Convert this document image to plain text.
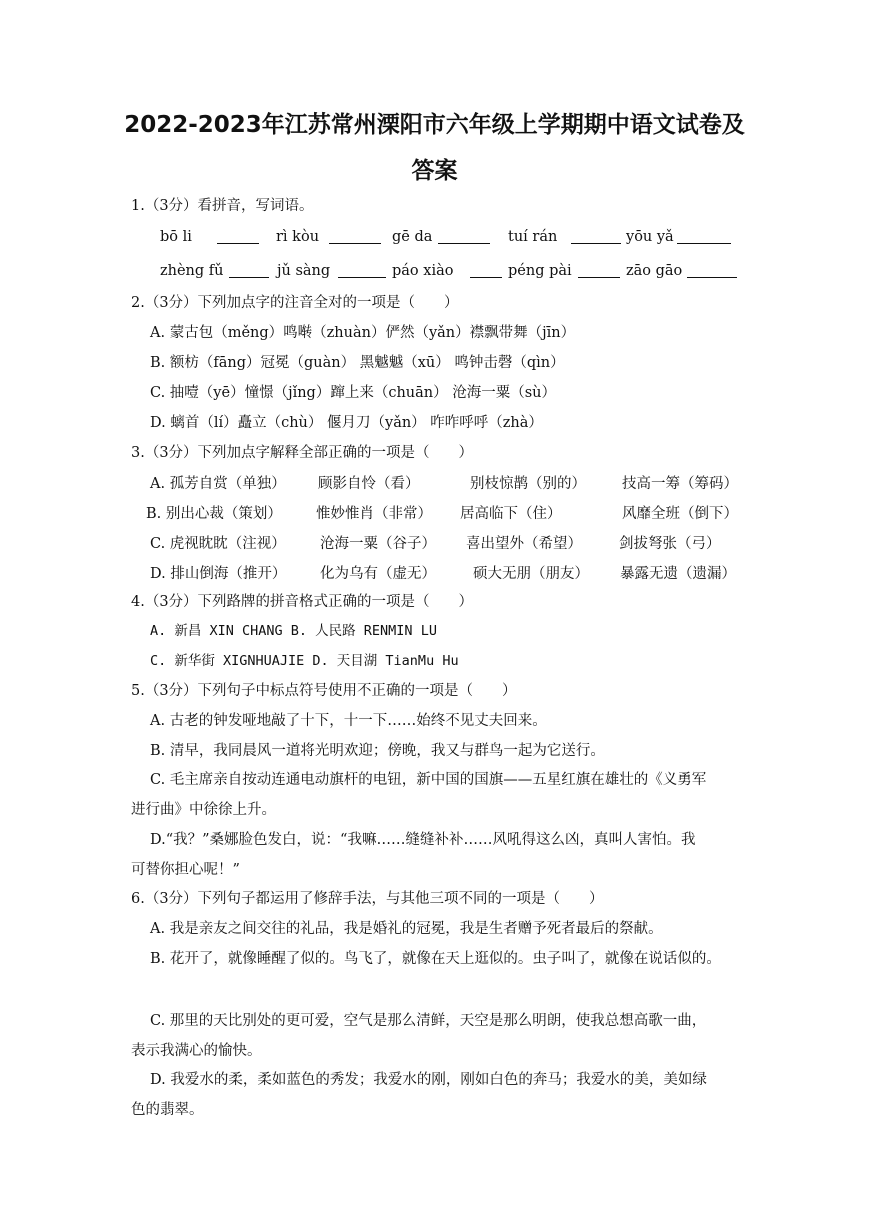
2022-2023年江苏常州溧阳市六年级上学期期中语文试卷及
答案
1.（3分）看拼音，写词语。
bō li	rì kòu	gē da	tuí rán	yōu yǎ
zhèng fǔ	jǔ sàng	páo xiào	péng pài	zāo gāo
2.（3分）下列加点字的注音全对的一项是（　　）
A. 蒙古包（měng）鸣啭（zhuàn）俨然（yǎn）襟飘带舞（jīn）
B. 额枋（fāng）冠冕（guàn） 黑魆魆（xū） 鸣钟击磬（qìn）
C. 抽噎（yē）憧憬（jǐng）蹿上来（chuān） 沧海一粟（sù）
D. 螭首（lí）矗立（chù） 偃月刀（yǎn） 咋咋呼呼（zhà）
3.（3分）下列加点字解释全部正确的一项是（　　）
A. 孤芳自赏（单独） 顾影自怜（看）	别枝惊鹊（别的） 技高一筹（筹码）
B. 别出心裁（策划） 惟妙惟肖（非常） 居高临下（住）	风靡全班（倒下）
C. 虎视眈眈（注视） 沧海一粟（谷子） 喜出望外（希望）	剑拔弩张（弓）
D. 排山倒海（推开） 化为乌有（虚无）	硕大无朋（朋友） 暴露无遗（遗漏）
4.（3分）下列路牌的拼音格式正确的一项是（　　）
A. 新昌 XIN CHANG B. 人民路 RENMIN LU
C. 新华街 XIGNHUAJIE D. 天目湖 TianMu Hu
5.（3分）下列句子中标点符号使用不正确的一项是（　　）
A. 古老的钟发哑地敲了十下，十一下……始终不见丈夫回来。
B. 清早，我同晨风一道将光明欢迎；傍晚，我又与群鸟一起为它送行。
C. 毛主席亲自按动连通电动旗杆的电钮，新中国的国旗——五星红旗在雄壮的《义勇军
进行曲》中徐徐上升。
D.“我？”桑娜脸色发白，说：“我嘛……缝缝补补……风吼得这么凶，真叫人害怕。我
可替你担心呢！”
6.（3分）下列句子都运用了修辞手法，与其他三项不同的一项是（　　）
A. 我是亲友之间交往的礼品，我是婚礼的冠冕，我是生者赠予死者最后的祭献。
B. 花开了，就像睡醒了似的。鸟飞了，就像在天上逛似的。虫子叫了，就像在说话似的。
C. 那里的天比别处的更可爱，空气是那么清鲜，天空是那么明朗，使我总想高歌一曲，
表示我满心的愉快。
D. 我爱水的柔，柔如蓝色的秀发；我爱水的刚，刚如白色的奔马；我爱水的美，美如绿
色的翡翠。
